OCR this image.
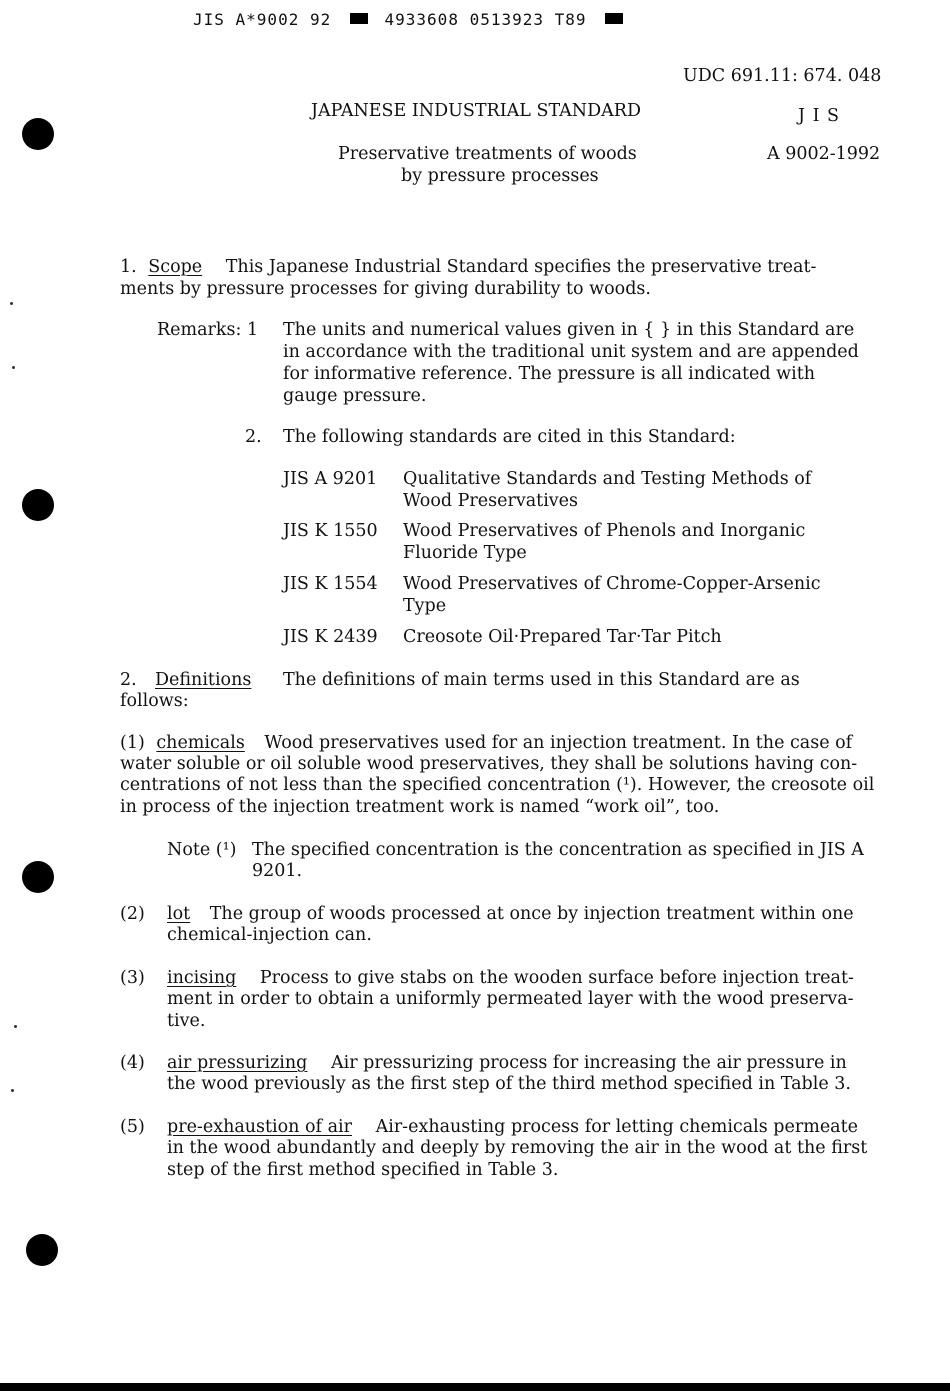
JIS A*9002 92	4933608 0513923 T89
UDC 691.11: 674. 048
JAPANESE INDUSTRIAL STANDARD	J I S
Preservative treatments of woods
by pressure processes
A 9002-1992
1. Scope This Japanese Industrial Standard specifies the preservative treat-
ments by pressure processes for giving durability to woods.
Remarks: 1 The units and numerical values given in { } in this Standard are
in accordance with the traditional unit system and are appended
for informative reference. The pressure is all indicated with
gauge pressure.
2. The following standards are cited in this Standard:
JIS A 9201 Qualitative Standards and Testing Methods of
Wood Preservatives
JIS K 1550 Wood Preservatives of Phenols and Inorganic
Fluoride Type
JIS K 1554 Wood Preservatives of Chrome-Copper-Arsenic
Type
JIS K 2439 Creosote Oil·Prepared Tar·Tar Pitch
2. Definitions The definitions of main terms used in this Standard are as
follows:
(1) chemicals Wood preservatives used for an injection treatment. In the case of
water soluble or oil soluble wood preservatives, they shall be solutions having con-
centrations of not less than the specified concentration (¹). However, the creosote oil
in process of the injection treatment work is named “work oil”, too.
Note (¹) The specified concentration is the concentration as specified in JIS A
9201.
(2) lot The group of woods processed at once by injection treatment within one
chemical-injection can.
(3) incising Process to give stabs on the wooden surface before injection treat-
ment in order to obtain a uniformly permeated layer with the wood preserva-
tive.
(4) air pressurizing Air pressurizing process for increasing the air pressure in
the wood previously as the first step of the third method specified in Table 3.
(5) pre-exhaustion of air Air-exhausting process for letting chemicals permeate
in the wood abundantly and deeply by removing the air in the wood at the first
step of the first method specified in Table 3.
